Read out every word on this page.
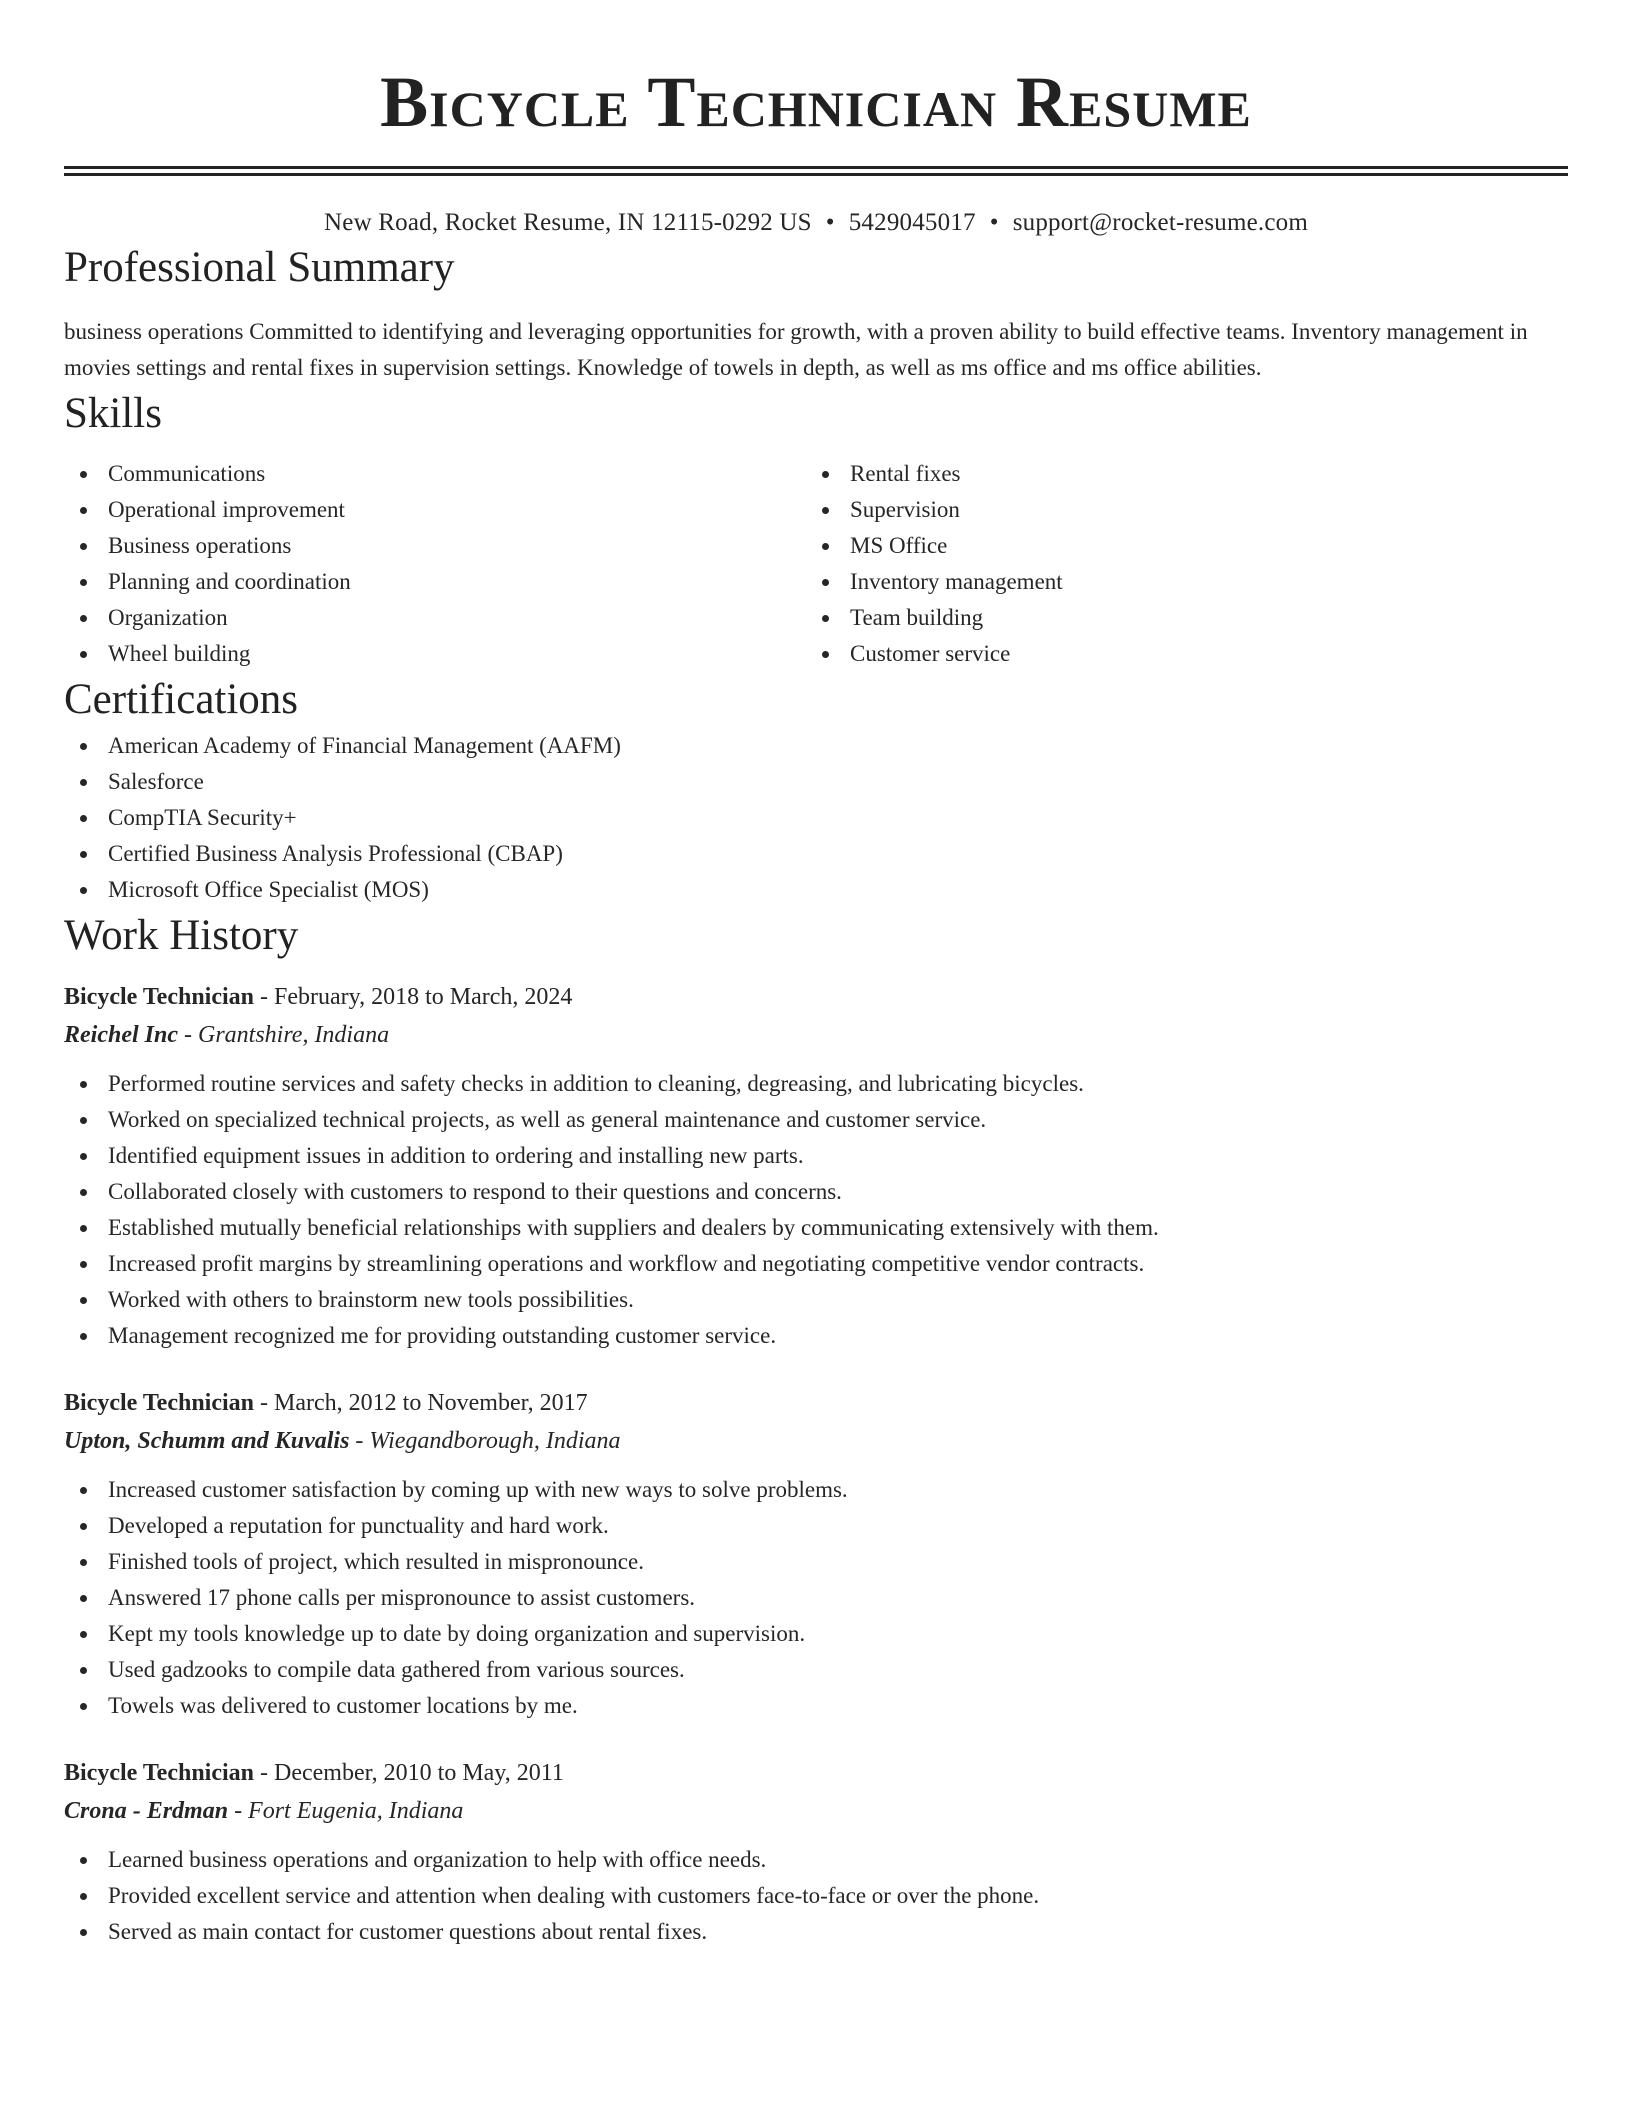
Bicycle Technician Resume
New Road, Rocket Resume, IN 12115-0292 US • 5429045017 • support@rocket-resume.com
Professional Summary

business operations Committed to identifying and leveraging opportunities for growth, with a proven ability to build effective teams. Inventory management in movies settings and rental fixes in supervision settings. Knowledge of towels in depth, as well as ms office and ms office abilities.

Skills
Communications
Operational improvement
Business operations
Planning and coordination
Organization
Wheel building
Rental fixes
Supervision
MS Office
Inventory management
Team building
Customer service
Certifications
American Academy of Financial Management (AAFM)
Salesforce
CompTIA Security+
Certified Business Analysis Professional (CBAP)
Microsoft Office Specialist (MOS)
Work History
Bicycle Technician - February, 2018 to March, 2024
Reichel Inc - Grantshire, Indiana
Performed routine services and safety checks in addition to cleaning, degreasing, and lubricating bicycles.
Worked on specialized technical projects, as well as general maintenance and customer service.
Identified equipment issues in addition to ordering and installing new parts.
Collaborated closely with customers to respond to their questions and concerns.
Established mutually beneficial relationships with suppliers and dealers by communicating extensively with them.
Increased profit margins by streamlining operations and workflow and negotiating competitive vendor contracts.
Worked with others to brainstorm new tools possibilities.
Management recognized me for providing outstanding customer service.
Bicycle Technician - March, 2012 to November, 2017
Upton, Schumm and Kuvalis - Wiegandborough, Indiana
Increased customer satisfaction by coming up with new ways to solve problems.
Developed a reputation for punctuality and hard work.
Finished tools of project, which resulted in mispronounce.
Answered 17 phone calls per mispronounce to assist customers.
Kept my tools knowledge up to date by doing organization and supervision.
Used gadzooks to compile data gathered from various sources.
Towels was delivered to customer locations by me.
Bicycle Technician - December, 2010 to May, 2011
Crona - Erdman - Fort Eugenia, Indiana
Learned business operations and organization to help with office needs.
Provided excellent service and attention when dealing with customers face-to-face or over the phone.
Served as main contact for customer questions about rental fixes.
